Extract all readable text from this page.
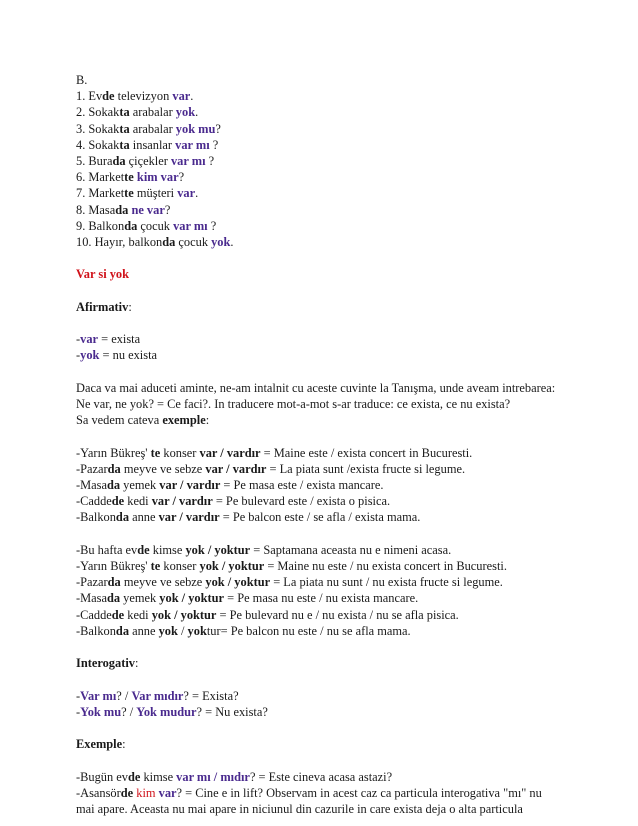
B.
1. Evde televizyon var.
2. Sokakta arabalar yok.
3. Sokakta arabalar yok mu?
4. Sokakta insanlar var mı ?
5. Burada çiçekler var mı ?
6. Markette kim var?
7. Markette müşteri var.
8. Masada ne var?
9. Balkonda çocuk var mı ?
10. Hayır, balkonda çocuk yok.
Var si yok
Afirmativ:
-var = exista
-yok = nu exista
Daca va mai aduceti aminte, ne-am intalnit cu aceste cuvinte la Tanışma, unde aveam intrebarea:
Ne var, ne yok? = Ce faci?. In traducere mot-a-mot s-ar traduce: ce exista, ce nu exista?
Sa vedem cateva exemple:
-Yarın Bükreş' te konser var / vardır = Maine este / exista concert in Bucuresti.
-Pazarda meyve ve sebze var / vardır = La piata sunt /exista fructe si legume.
-Masada yemek var / vardır = Pe masa este / exista mancare.
-Caddede kedi var / vardır = Pe bulevard este / exista o pisica.
-Balkonda anne var / vardır = Pe balcon este / se afla / exista mama.
-Bu hafta evde kimse yok / yoktur = Saptamana aceasta nu e nimeni acasa.
-Yarın Bükreş' te konser yok / yoktur = Maine nu este / nu exista concert in Bucuresti.
-Pazarda meyve ve sebze yok / yoktur = La piata nu sunt / nu exista fructe si legume.
-Masada yemek yok / yoktur = Pe masa nu este / nu exista mancare.
-Caddede kedi yok / yoktur = Pe bulevard nu e / nu exista / nu se afla pisica.
-Balkonda anne yok / yoktur= Pe balcon nu este / nu se afla mama.
Interogativ:
-Var mı? / Var mıdır? = Exista?
-Yok mu? / Yok mudur? = Nu exista?
Exemple:
-Bugün evde kimse var mı / mıdır? = Este cineva acasa astazi?
-Asansörde kim var? = Cine e in lift? Observam in acest caz ca particula interogativa "mı" nu
mai apare. Aceasta nu mai apare in niciunul din cazurile in care exista deja o alta particula
